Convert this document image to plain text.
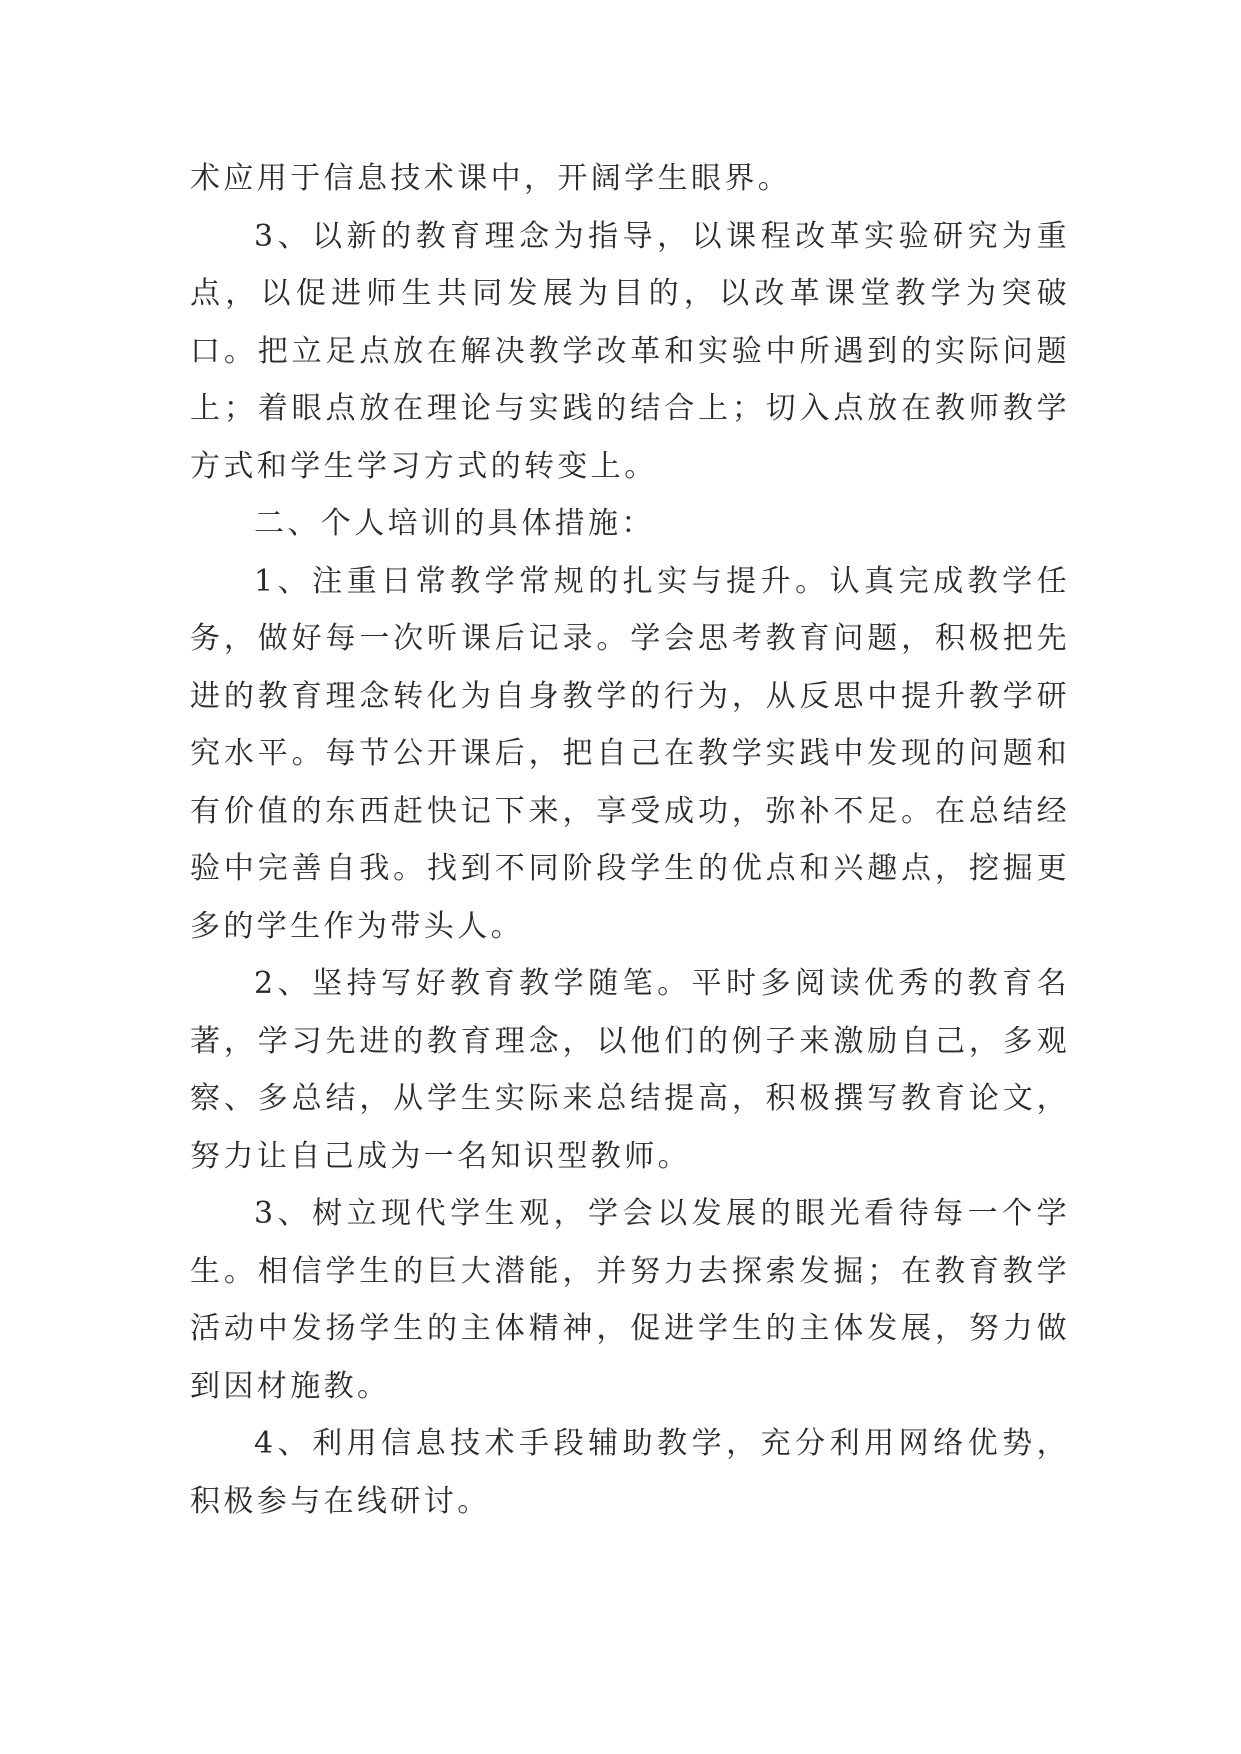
术应用于信息技术课中，开阔学生眼界。

3、以新的教育理念为指导，以课程改革实验研究为重点，以促进师生共同发展为目的，以改革课堂教学为突破口。把立足点放在解决教学改革和实验中所遇到的实际问题上；着眼点放在理论与实践的结合上；切入点放在教师教学方式和学生学习方式的转变上。

二、个人培训的具体措施：

1、注重日常教学常规的扎实与提升。认真完成教学任务，做好每一次听课后记录。学会思考教育问题，积极把先进的教育理念转化为自身教学的行为，从反思中提升教学研究水平。每节公开课后，把自己在教学实践中发现的问题和有价值的东西赶快记下来，享受成功，弥补不足。在总结经验中完善自我。找到不同阶段学生的优点和兴趣点，挖掘更多的学生作为带头人。

2、坚持写好教育教学随笔。平时多阅读优秀的教育名著，学习先进的教育理念，以他们的例子来激励自己，多观察、多总结，从学生实际来总结提高，积极撰写教育论文，努力让自己成为一名知识型教师。

3、树立现代学生观，学会以发展的眼光看待每一个学生。相信学生的巨大潜能，并努力去探索发掘；在教育教学活动中发扬学生的主体精神，促进学生的主体发展，努力做到因材施教。

4、利用信息技术手段辅助教学，充分利用网络优势，积极参与在线研讨。
